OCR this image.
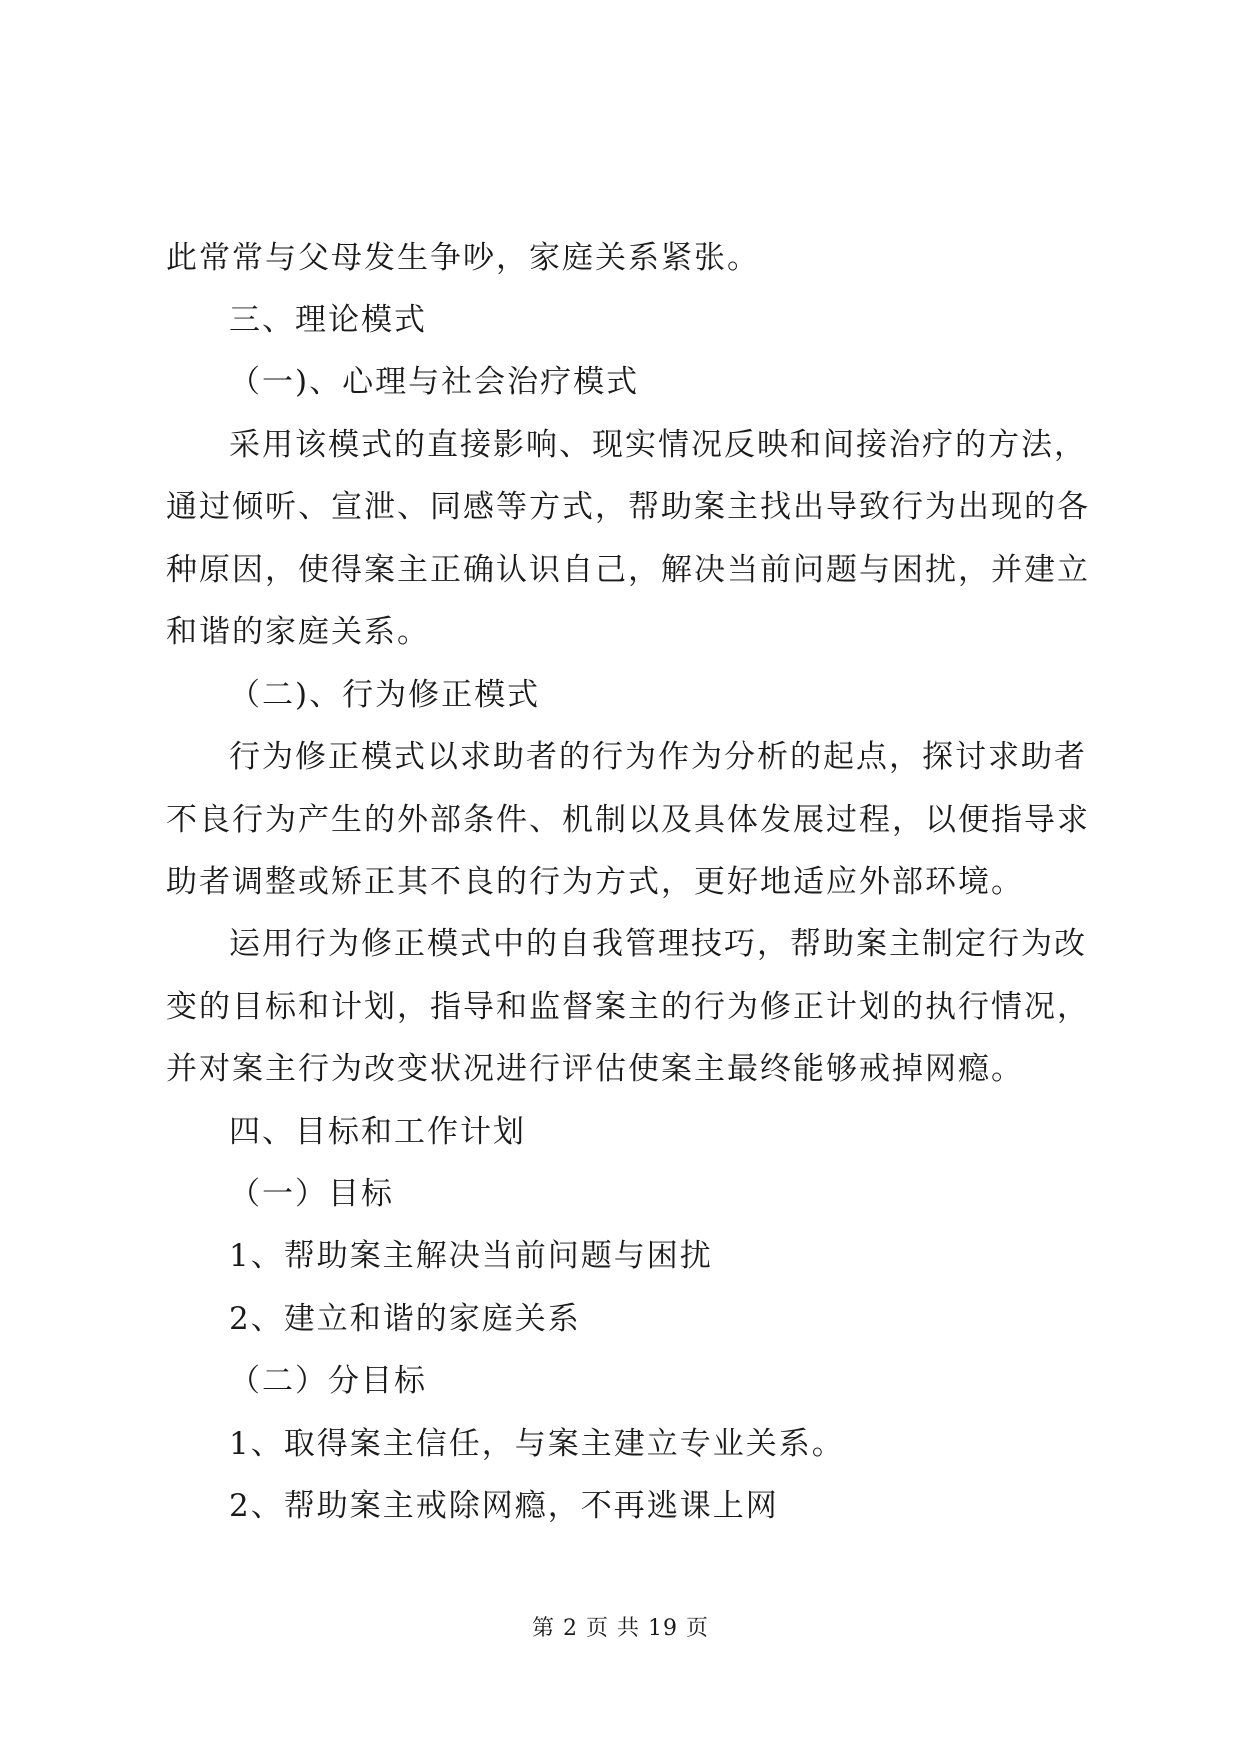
此常常与父母发生争吵，家庭关系紧张。
三、理论模式
（一)、心理与社会治疗模式
采用该模式的直接影响、现实情况反映和间接治疗的方法，
通过倾听、宣泄、同感等方式，帮助案主找出导致行为出现的各
种原因，使得案主正确认识自己，解决当前问题与困扰，并建立
和谐的家庭关系。
（二)、行为修正模式
行为修正模式以求助者的行为作为分析的起点，探讨求助者
不良行为产生的外部条件、机制以及具体发展过程，以便指导求
助者调整或矫正其不良的行为方式，更好地适应外部环境。
运用行为修正模式中的自我管理技巧，帮助案主制定行为改
变的目标和计划，指导和监督案主的行为修正计划的执行情况，
并对案主行为改变状况进行评估使案主最终能够戒掉网瘾。
四、目标和工作计划
（一）目标
1、帮助案主解决当前问题与困扰
2、建立和谐的家庭关系
（二）分目标
1、取得案主信任，与案主建立专业关系。
2、帮助案主戒除网瘾，不再逃课上网
第 2 页 共 19 页
